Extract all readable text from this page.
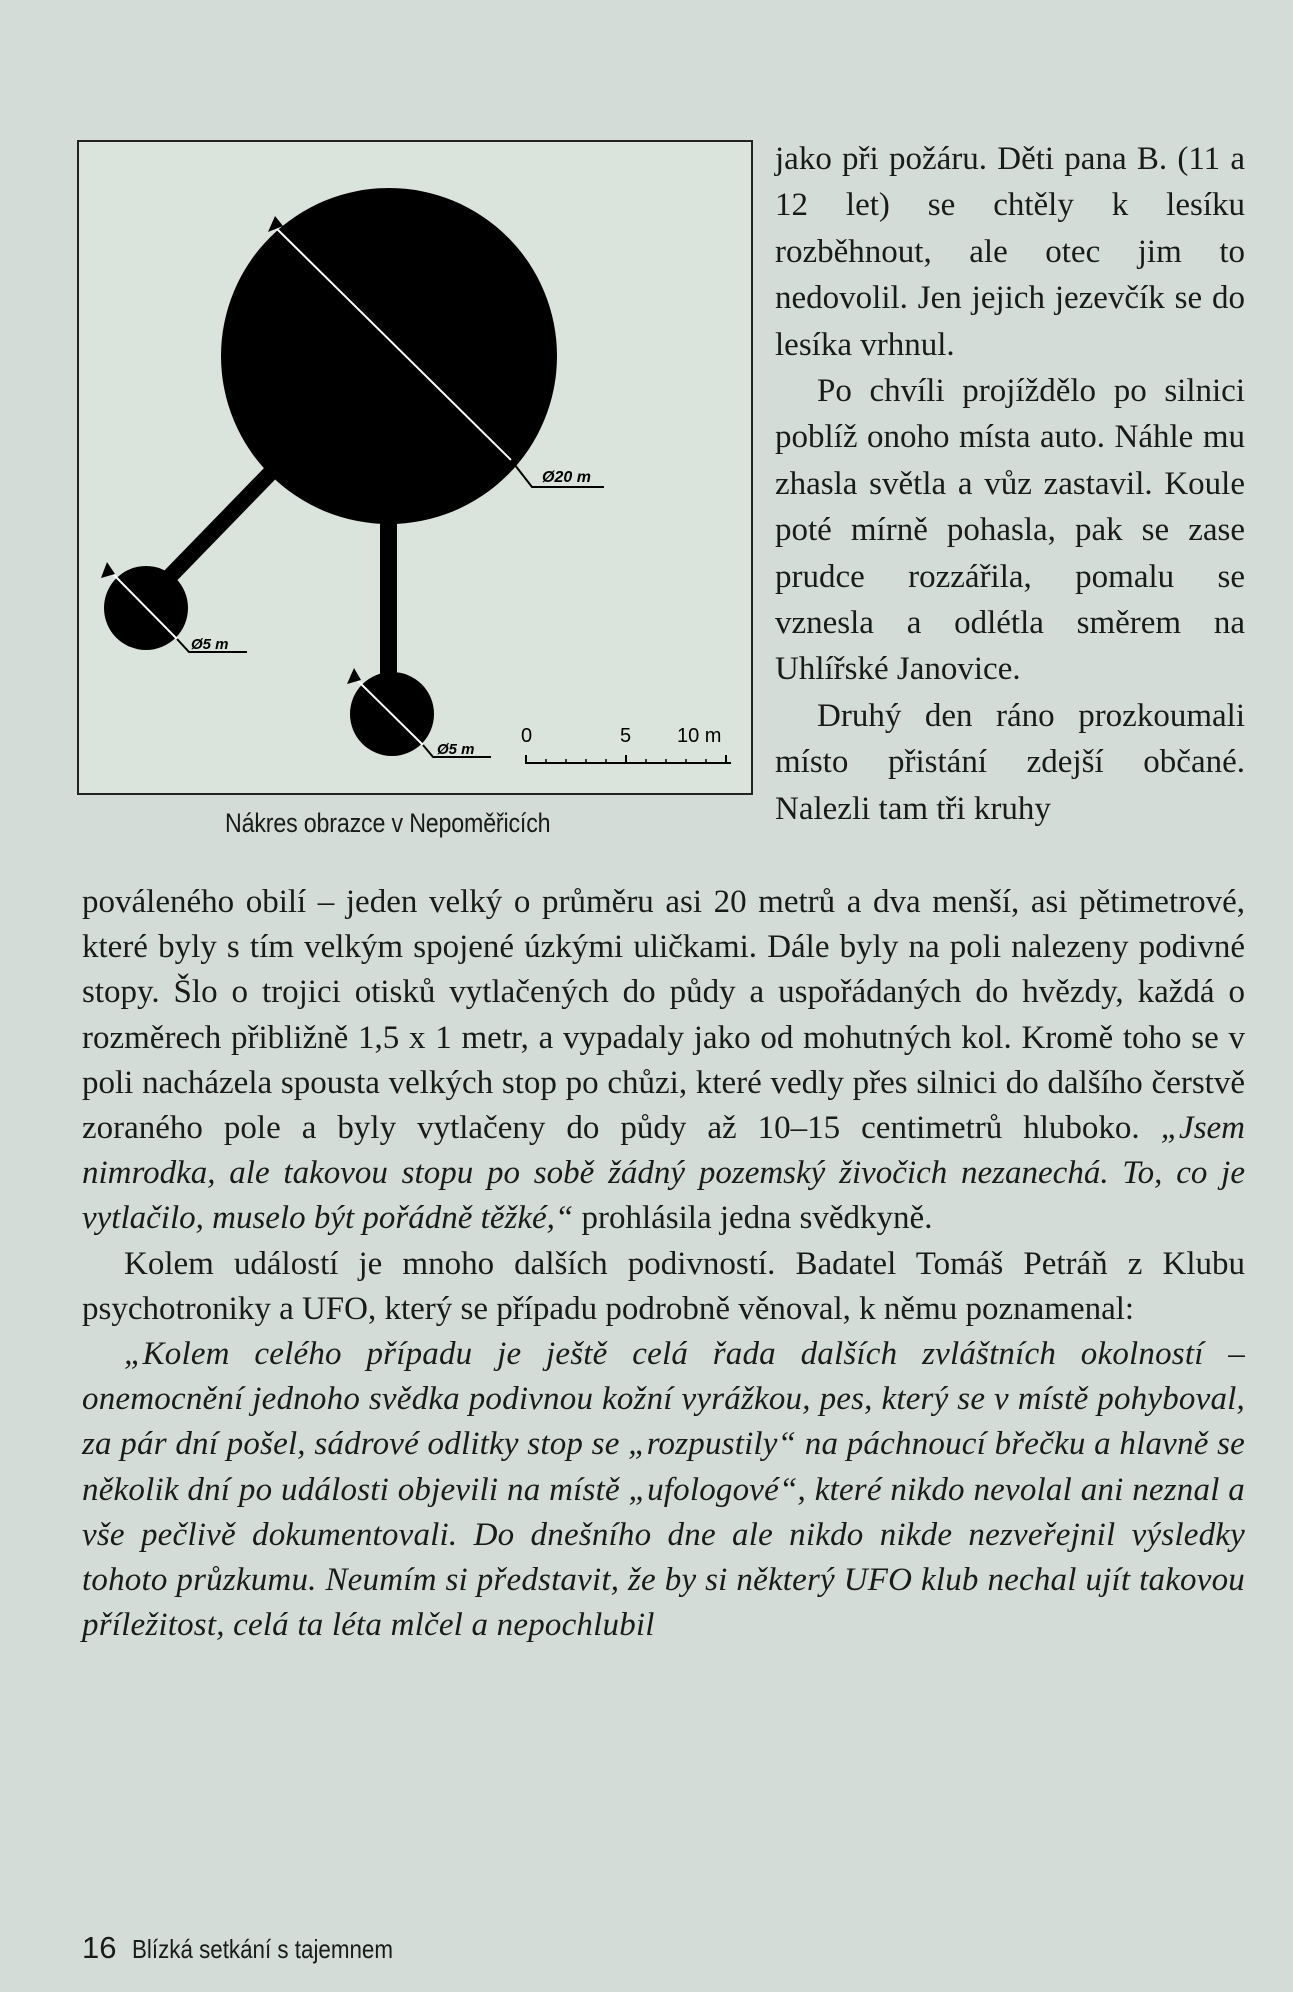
Ø20 m
Ø5 m
Ø5 m
0	5 10 m
Nákres obrazce v Nepoměřicích

jako při požáru. Děti pana B. (11 a 12 let) se chtěly k lesíku rozběhnout, ale otec jim to nedovolil. Jen jejich jezevčík se do lesíka vrhnul.

Po chvíli projíždělo po silnici poblíž onoho místa auto. Náhle mu zhasla světla a vůz zastavil. Koule poté mírně pohasla, pak se zase prudce rozzářila, pomalu se vznesla a odlétla směrem na Uhlířské Janovice.

Druhý den ráno prozkoumali místo přistání zdejší občané. Nalezli tam tři kruhy

pováleného obilí – jeden velký o průměru asi 20 metrů a dva menší, asi pětimetrové, které byly s tím velkým spojené úzkými uličkami. Dále byly na poli nalezeny podivné stopy. Šlo o trojici otisků vytlačených do půdy a uspořádaných do hvězdy, každá o rozměrech přibližně 1,5 x 1 metr, a vypadaly jako od mohutných kol. Kromě toho se v poli nacházela spousta velkých stop po chůzi, které vedly přes silnici do dalšího čerstvě zoraného pole a byly vytlačeny do půdy až 10–15 centimetrů hluboko. „Jsem nimrodka, ale takovou stopu po sobě žádný pozemský živočich nezanechá. To, co je vytlačilo, muselo být pořádně těžké,“ prohlásila jedna svědkyně.

Kolem událostí je mnoho dalších podivností. Badatel Tomáš Petráň z Klubu psychotroniky a UFO, který se případu podrobně věnoval, k němu poznamenal:

„Kolem celého případu je ještě celá řada dalších zvláštních okolností – onemocnění jednoho svědka podivnou kožní vyrážkou, pes, který se v místě pohyboval, za pár dní pošel, sádrové odlitky stop se „rozpustily“ na páchnoucí břečku a hlavně se několik dní po události objevili na místě „ufologové“, které nikdo nevolal ani neznal a vše pečlivě dokumentovali. Do dnešního dne ale nikdo nikde nezveřejnil výsledky tohoto průzkumu. Neumím si představit, že by si některý UFO klub nechal ujít takovou příležitost, celá ta léta mlčel a nepochlubil

16 Blízká setkání s tajemnem
